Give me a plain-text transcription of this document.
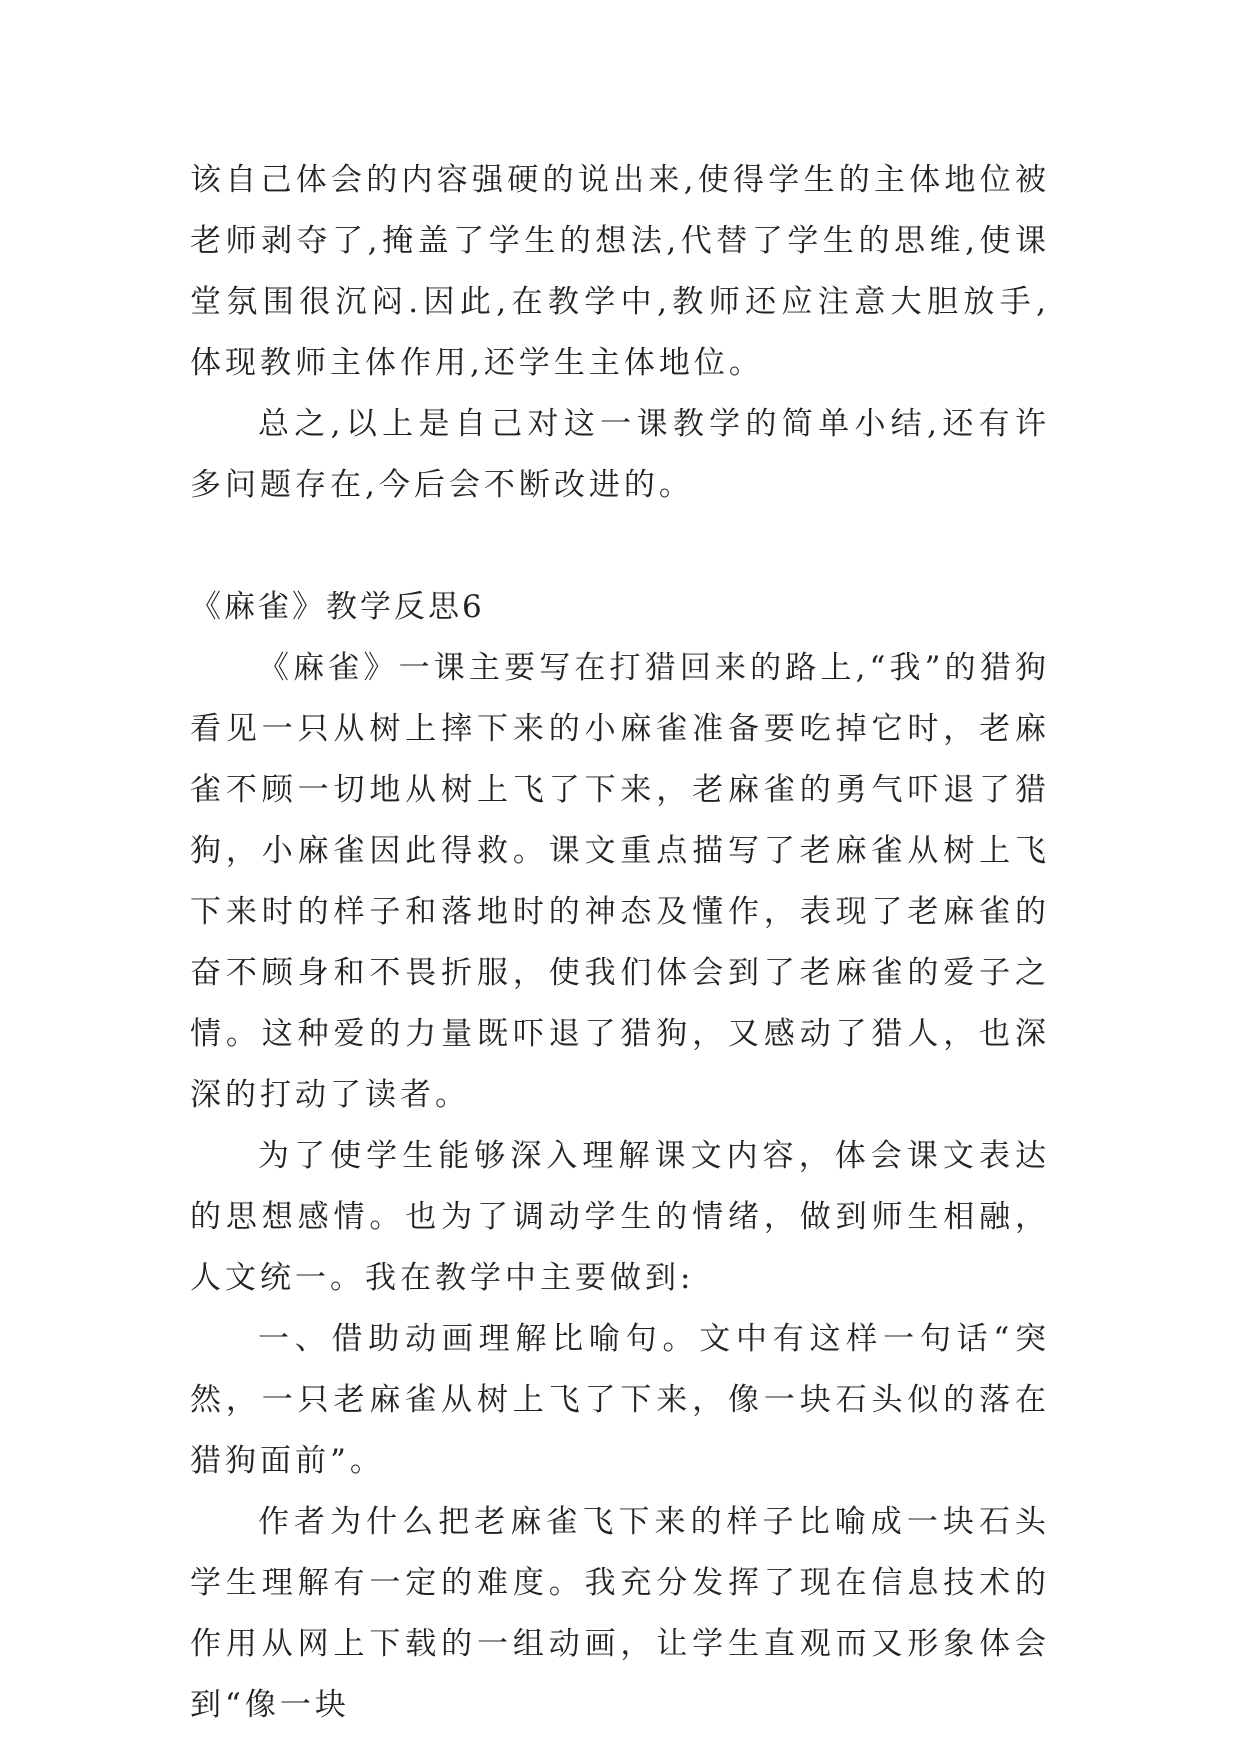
该自己体会的内容强硬的说出来,使得学生的主体地位被老师剥夺了,掩盖了学生的想法,代替了学生的思维,使课堂氛围很沉闷.因此,在教学中,教师还应注意大胆放手,体现教师主体作用,还学生主体地位。

总之,以上是自己对这一课教学的简单小结,还有许多问题存在,今后会不断改进的。

《麻雀》教学反思6

《麻雀》一课主要写在打猎回来的路上,“我”的猎狗看见一只从树上摔下来的小麻雀准备要吃掉它时，老麻雀不顾一切地从树上飞了下来，老麻雀的勇气吓退了猎狗，小麻雀因此得救。课文重点描写了老麻雀从树上飞下来时的样子和落地时的神态及懂作，表现了老麻雀的奋不顾身和不畏折服，使我们体会到了老麻雀的爱子之情。这种爱的力量既吓退了猎狗，又感动了猎人，也深深的打动了读者。

为了使学生能够深入理解课文内容，体会课文表达的思想感情。也为了调动学生的情绪，做到师生相融，人文统一。我在教学中主要做到:

一、借助动画理解比喻句。文中有这样一句话“突然，一只老麻雀从树上飞了下来，像一块石头似的落在猎狗面前”。

作者为什么把老麻雀飞下来的样子比喻成一块石头学生理解有一定的难度。我充分发挥了现在信息技术的作用从网上下载的一组动画，让学生直观而又形象体会到“像一块
